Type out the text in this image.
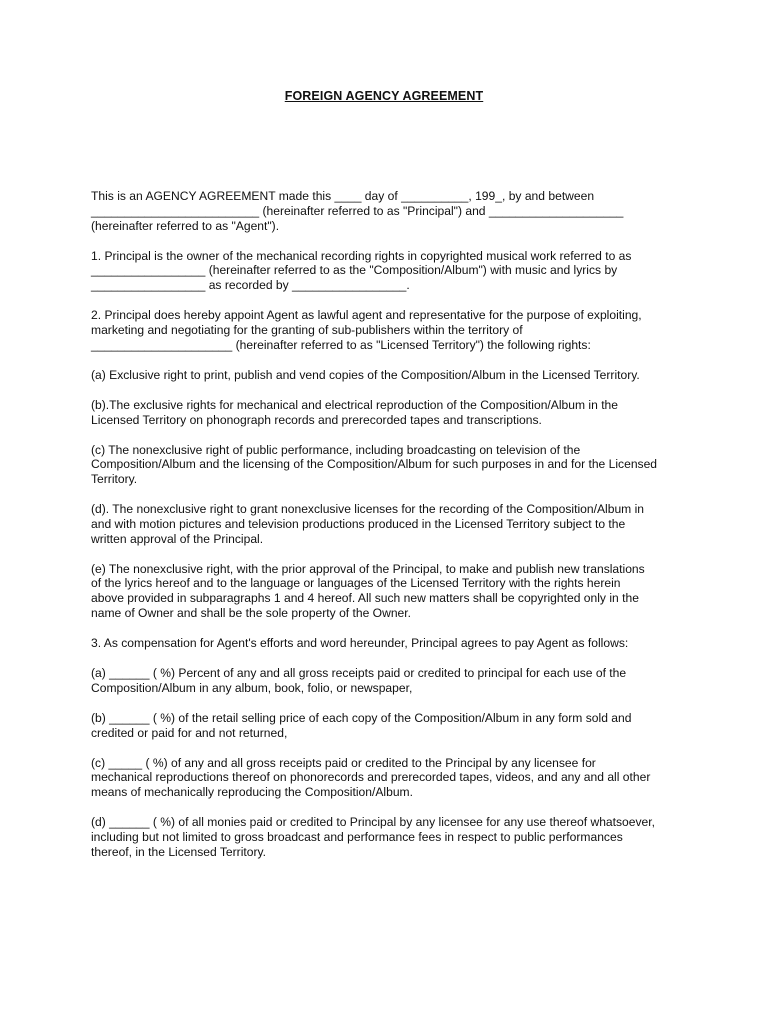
FOREIGN AGENCY AGREEMENT

This is an AGENCY AGREEMENT made this ____ day of __________, 199_, by and between
_________________________ (hereinafter referred to as "Principal") and ____________________
(hereinafter referred to as "Agent").

1. Principal is the owner of the mechanical recording rights in copyrighted musical work referred to as
_________________ (hereinafter referred to as the "Composition/Album") with music and lyrics by
_________________ as recorded by _________________.

2. Principal does hereby appoint Agent as lawful agent and representative for the purpose of exploiting,
marketing and negotiating for the granting of sub-publishers within the territory of
_____________________ (hereinafter referred to as "Licensed Territory") the following rights:

(a) Exclusive right to print, publish and vend copies of the Composition/Album in the Licensed Territory.

(b).The exclusive rights for mechanical and electrical reproduction of the Composition/Album in the
Licensed Territory on phonograph records and prerecorded tapes and transcriptions.

(c) The nonexclusive right of public performance, including broadcasting on television of the
Composition/Album and the licensing of the Composition/Album for such purposes in and for the Licensed
Territory.

(d). The nonexclusive right to grant nonexclusive licenses for the recording of the Composition/Album in
and with motion pictures and television productions produced in the Licensed Territory subject to the
written approval of the Principal.

(e) The nonexclusive right, with the prior approval of the Principal, to make and publish new translations
of the lyrics hereof and to the language or languages of the Licensed Territory with the rights herein
above provided in subparagraphs 1 and 4 hereof. All such new matters shall be copyrighted only in the
name of Owner and shall be the sole property of the Owner.

3. As compensation for Agent's efforts and word hereunder, Principal agrees to pay Agent as follows:

(a) ______ ( %) Percent of any and all gross receipts paid or credited to principal for each use of the
Composition/Album in any album, book, folio, or newspaper,

(b) ______ ( %) of the retail selling price of each copy of the Composition/Album in any form sold and
credited or paid for and not returned,

(c) _____ ( %) of any and all gross receipts paid or credited to the Principal by any licensee for
mechanical reproductions thereof on phonorecords and prerecorded tapes, videos, and any and all other
means of mechanically reproducing the Composition/Album.

(d) ______ ( %) of all monies paid or credited to Principal by any licensee for any use thereof whatsoever,
including but not limited to gross broadcast and performance fees in respect to public performances
thereof, in the Licensed Territory.
